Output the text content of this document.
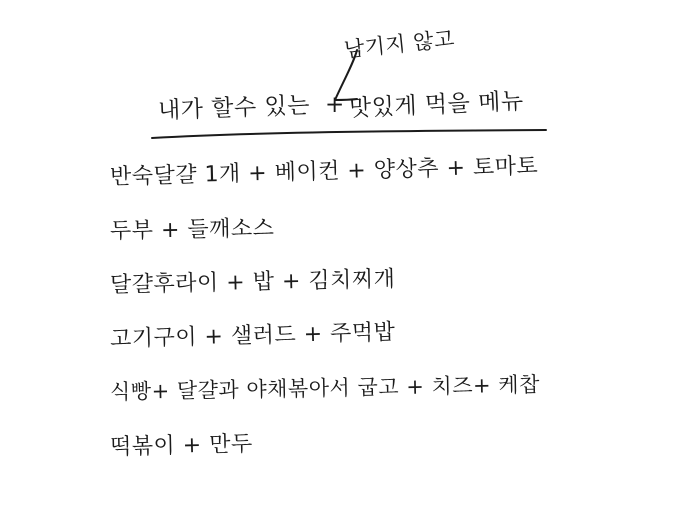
남기지 않고
내가 할수 있는 + 맛있게 먹을 메뉴
반숙달걀 1개 + 베이컨 + 양상추 + 토마토
두부 + 들깨소스
달걀후라이 + 밥 + 김치찌개
고기구이 + 샐러드 + 주먹밥
식빵+ 달걀과 야채볶아서 굽고 + 치즈+ 케찹
떡볶이 + 만두
